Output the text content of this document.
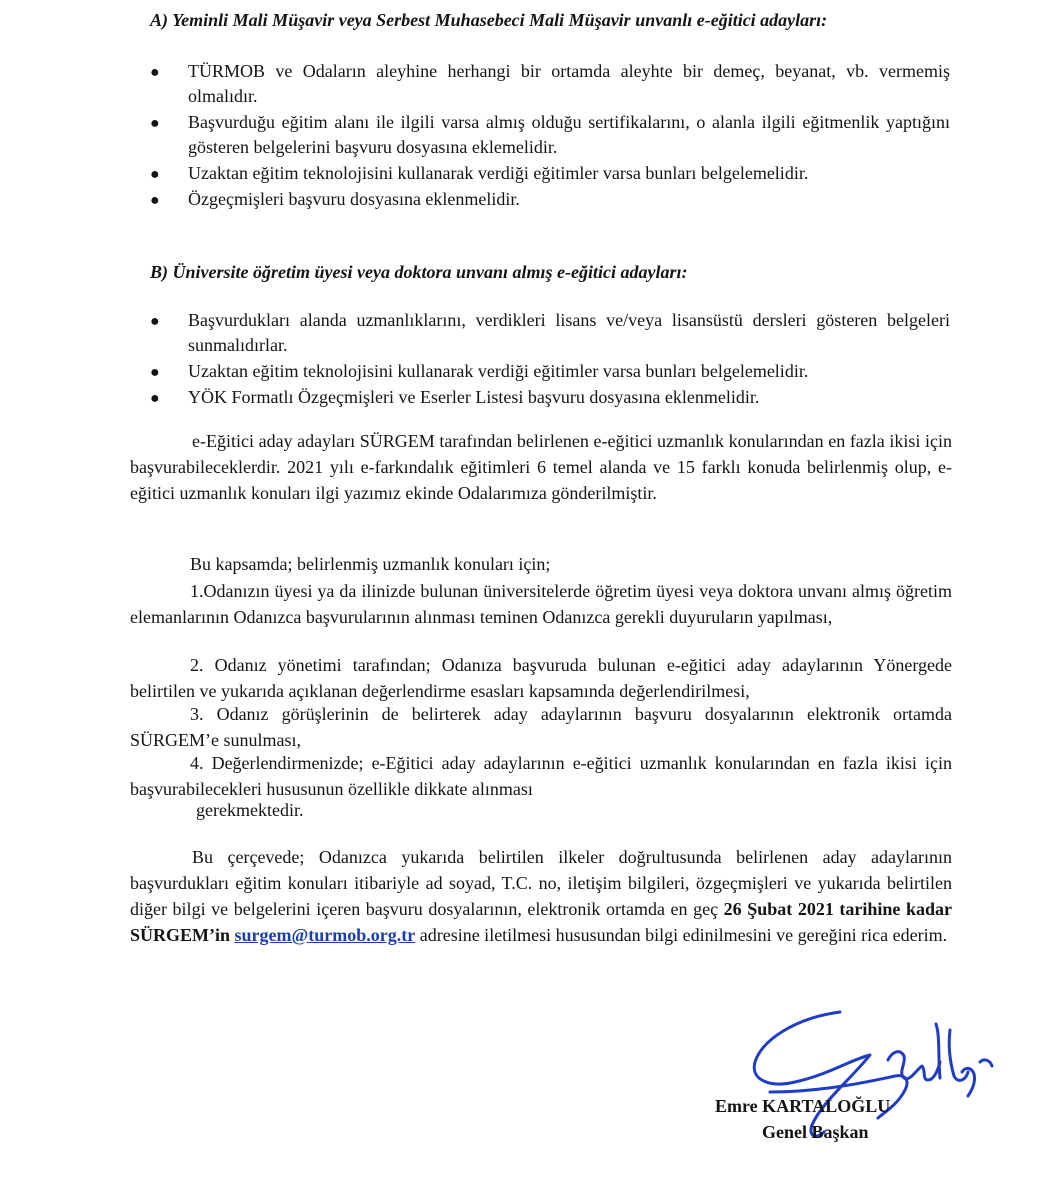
A) Yeminli Mali Müşavir veya Serbest Muhasebeci Mali Müşavir unvanlı e-eğitici adayları:
● TÜRMOB ve Odaların aleyhine herhangi bir ortamda aleyhte bir demeç, beyanat, vb. vermemiş olmalıdır.
● Başvurduğu eğitim alanı ile ilgili varsa almış olduğu sertifikalarını, o alanla ilgili eğitmenlik yaptığını gösteren belgelerini başvuru dosyasına eklemelidir.
● Uzaktan eğitim teknolojisini kullanarak verdiği eğitimler varsa bunları belgelemelidir.
● Özgeçmişleri başvuru dosyasına eklenmelidir.
B) Üniversite öğretim üyesi veya doktora unvanı almış e-eğitici adayları:
● Başvurdukları alanda uzmanlıklarını, verdikleri lisans ve/veya lisansüstü dersleri gösteren belgeleri sunmalıdırlar.
● Uzaktan eğitim teknolojisini kullanarak verdiği eğitimler varsa bunları belgelemelidir.
● YÖK Formatlı Özgeçmişleri ve Eserler Listesi başvuru dosyasına eklenmelidir.
e-Eğitici aday adayları SÜRGEM tarafından belirlenen e-eğitici uzmanlık konularından en fazla ikisi için başvurabileceklerdir. 2021 yılı e-farkındalık eğitimleri 6 temel alanda ve 15 farklı konuda belirlenmiş olup, e-eğitici uzmanlık konuları ilgi yazımız ekinde Odalarımıza gönderilmiştir.
Bu kapsamda; belirlenmiş uzmanlık konuları için;
1.Odanızın üyesi ya da ilinizde bulunan üniversitelerde öğretim üyesi veya doktora unvanı almış öğretim elemanlarının Odanızca başvurularının alınması teminen Odanızca gerekli duyuruların yapılması,
2. Odanız yönetimi tarafından; Odanıza başvuruda bulunan e-eğitici aday adaylarının Yönergede belirtilen ve yukarıda açıklanan değerlendirme esasları kapsamında değerlendirilmesi,
3. Odanız görüşlerinin de belirterek aday adaylarının başvuru dosyalarının elektronik ortamda SÜRGEM’e sunulması,
4. Değerlendirmenizde; e-Eğitici aday adaylarının e-eğitici uzmanlık konularından en fazla ikisi için başvurabilecekleri hususunun özellikle dikkate alınması
gerekmektedir.
Bu çerçevede; Odanızca yukarıda belirtilen ilkeler doğrultusunda belirlenen aday adaylarının başvurdukları eğitim konuları itibariyle ad soyad, T.C. no, iletişim bilgileri, özgeçmişleri ve yukarıda belirtilen diğer bilgi ve belgelerini içeren başvuru dosyalarının, elektronik ortamda en geç 26 Şubat 2021 tarihine kadar SÜRGEM’in surgem@turmob.org.tr adresine iletilmesi hususundan bilgi edinilmesini ve gereğini rica ederim.
Emre KARTALOĞLU
Genel Başkan
